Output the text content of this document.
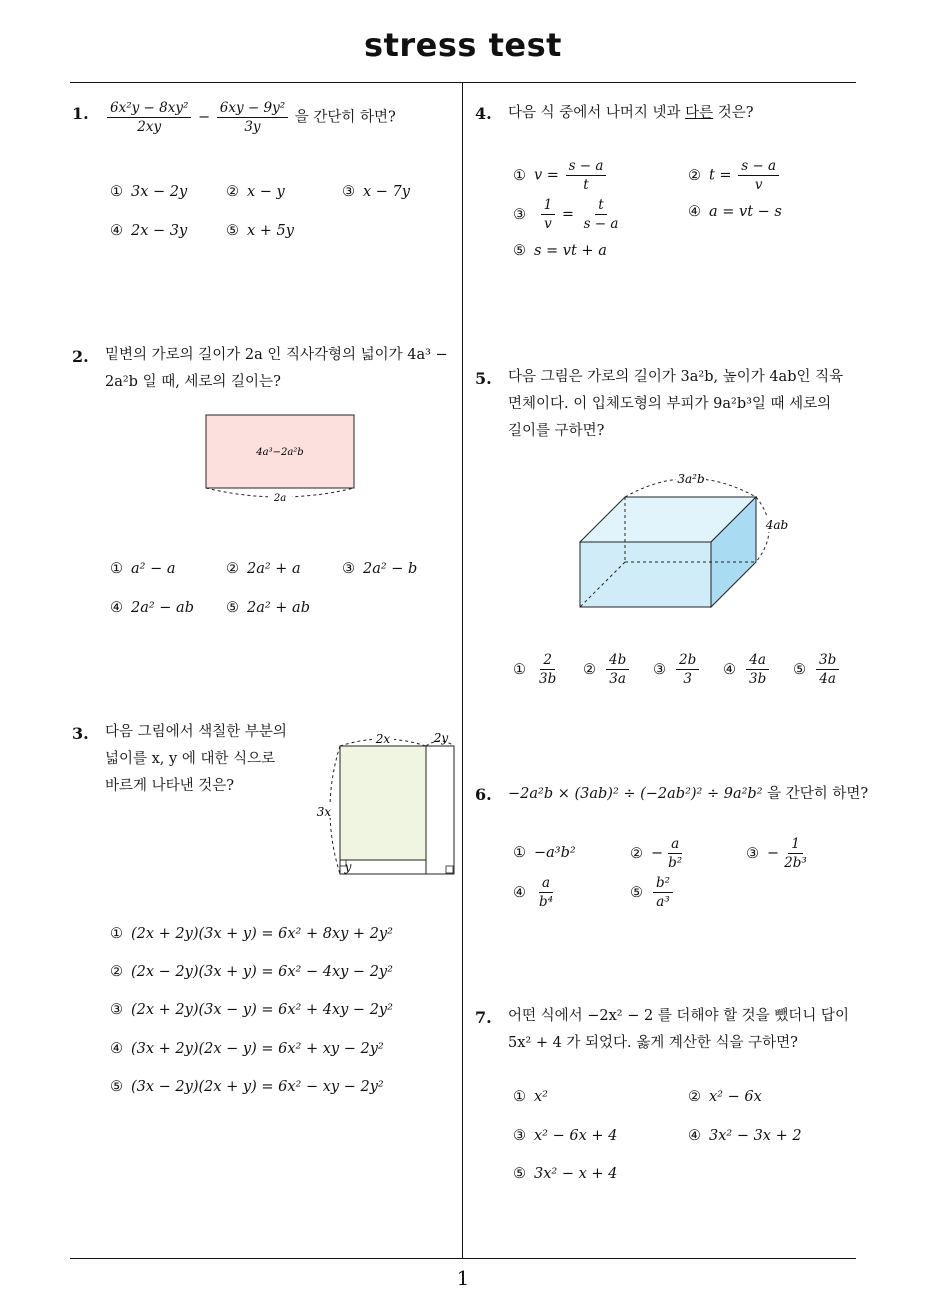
stress test
1
1. $\frac{\text{6x²y − 8xy²}}{2xy} - \frac{\text{6xy − 9y²}}{3y}$ 을 간단히 하면?
① 3x − 2y	② x − y	③ x − 7y
④ 2x − 3y	⑤ x + 5y
2. 밑변의 가로의 길이가 2a 인 직사각형의 넓이가 4a³ −
2a²b 일 때, 세로의 길이는?
4a³−2a²b
2a
① a² − a	② 2a² + a	③ 2a² − b
④ 2a² − ab ⑤ 2a² + ab
3. 다음 그림에서 색칠한 부분의
넓이를 x, y 에 대한 식으로
바르게 나타낸 것은?
2x	2y
3x
y
① (2x + 2y)(3x + y) = 6x² + 8xy + 2y²
② (2x − 2y)(3x + y) = 6x² − 4xy − 2y²
③ (2x + 2y)(3x − y) = 6x² + 4xy − 2y²
④ (3x + 2y)(2x − y) = 6x² + xy − 2y²
⑤ (3x − 2y)(2x + y) = 6x² − xy − 2y²
4. 다음 식 중에서 나머지 넷과 다른 것은?
① $v = \frac{s - a}{t}$	② $t = \frac{s - a}{v}$
③ $\frac{1}{v} = \frac{t}{s - a}$	④ a = vt − s
⑤ s = vt + a
5. 다음 그림은 가로의 길이가 3a²b, 높이가 4ab인 직육
면체이다. 이 입체도형의 부피가 9a²b³일 때 세로의
길이를 구하면?
3a²b
4ab
① $\frac{2}{3b}$ ② $\frac{4b}{3a}$ ③ $\frac{2b}{3}$ ④ $\frac{4a}{3b}$ ⑤ $\frac{3b}{4a}$
6. −2a²b × (3ab)² ÷ (−2ab²)² ÷ 9a²b² 을 간단히 하면?
① −a³b²	② − $\frac{a}{\text{b²}}$	③ − $\frac{1}{\text{2b³}}$
④ $\frac{a}{\text{b⁴}}$	⑤ $\frac{\text{b²}}{\text{a³}}$
7. 어떤 식에서 −2x² − 2 를 더해야 할 것을 뺐더니 답이
5x² + 4 가 되었다. 옳게 계산한 식을 구하면?
① x²	② x² − 6x
③ x² − 6x + 4	④ 3x² − 3x + 2
⑤ 3x² − x + 4
